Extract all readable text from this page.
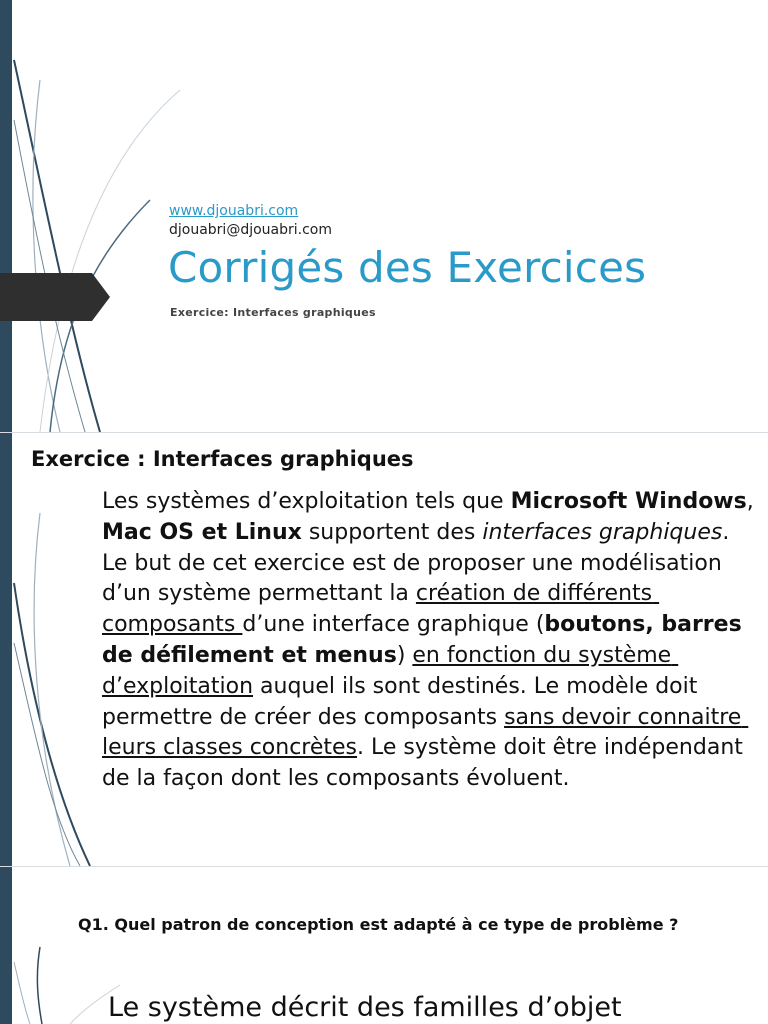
www.djouabri.com
djouabri@djouabri.com
Corrigés des Exercices
Exercice: Interfaces graphiques
Exercice : Interfaces graphiques
Les systèmes d’exploitation tels que Microsoft Windows, Mac OS et Linux supportent des interfaces graphiques. Le but de cet exercice est de proposer une modélisation d’un système permettant la création de différents composants d’une interface graphique (boutons, barres de défilement et menus) en fonction du système d’exploitation auquel ils sont destinés. Le modèle doit permettre de créer des composants sans devoir connaitre leurs classes concrètes. Le système doit être indépendant de la façon dont les composants évoluent.
Q1. Quel patron de conception est adapté à ce type de problème ?
Le système décrit des familles d’objet
